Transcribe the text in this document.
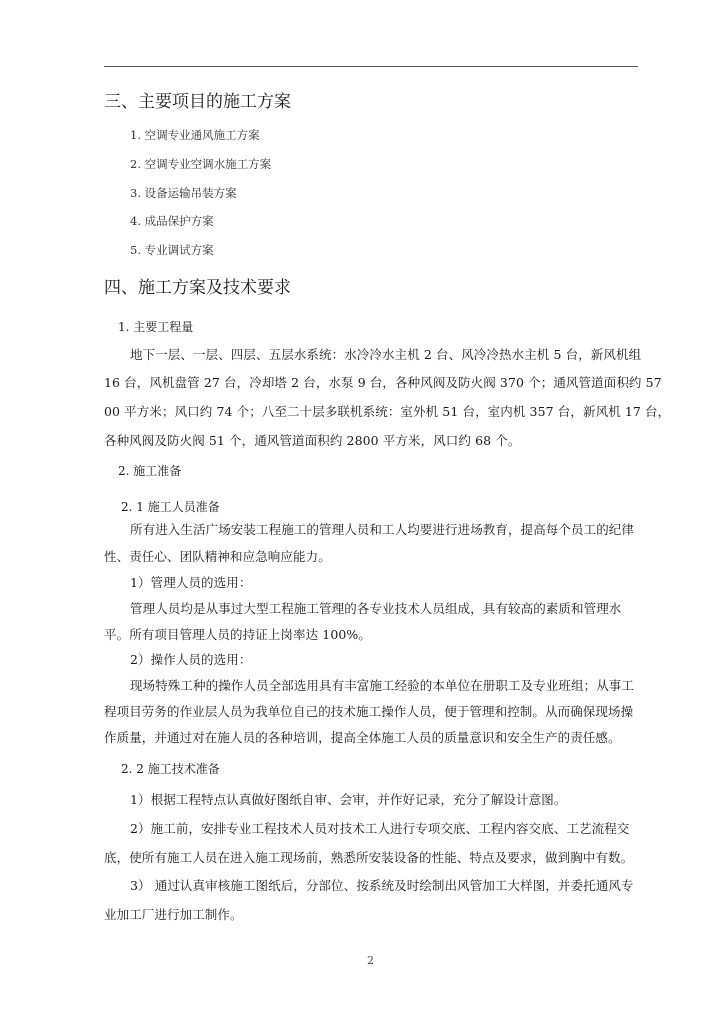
三、主要项目的施工方案
1. 空调专业通风施工方案
2. 空调专业空调水施工方案
3. 设备运输吊装方案
4. 成品保护方案
5. 专业调试方案
四、施工方案及技术要求
1. 主要工程量
地下一层、一层、四层、五层水系统：水冷冷水主机 2 台、风冷冷热水主机 5 台，新风机组
16 台，风机盘管 27 台，冷却塔 2 台，水泵 9 台，各种风阀及防火阀 370 个；通风管道面积约 57
00 平方米；风口约 74 个；八至二十层多联机系统：室外机 51 台，室内机 357 台，新风机 17 台，
各种风阀及防火阀 51 个，通风管道面积约 2800 平方米，风口约 68 个。
2. 施工准备
2. 1 施工人员准备
所有进入生活广场安装工程施工的管理人员和工人均要进行进场教育，提高每个员工的纪律
性、责任心、团队精神和应急响应能力。
1）管理人员的选用：
管理人员均是从事过大型工程施工管理的各专业技术人员组成，具有较高的素质和管理水
平。所有项目管理人员的持证上岗率达 100%。
2）操作人员的选用：
现场特殊工种的操作人员全部选用具有丰富施工经验的本单位在册职工及专业班组；从事工
程项目劳务的作业层人员为我单位自己的技术施工操作人员，便于管理和控制。从而确保现场操
作质量，并通过对在施人员的各种培训，提高全体施工人员的质量意识和安全生产的责任感。
2. 2 施工技术准备
1）根据工程特点认真做好图纸自审、会审，并作好记录，充分了解设计意图。
2）施工前，安排专业工程技术人员对技术工人进行专项交底、工程内容交底、工艺流程交
底，使所有施工人员在进入施工现场前，熟悉所安装设备的性能、特点及要求，做到胸中有数。
3） 通过认真审核施工图纸后，分部位、按系统及时绘制出风管加工大样图，并委托通风专
业加工厂进行加工制作。
2
